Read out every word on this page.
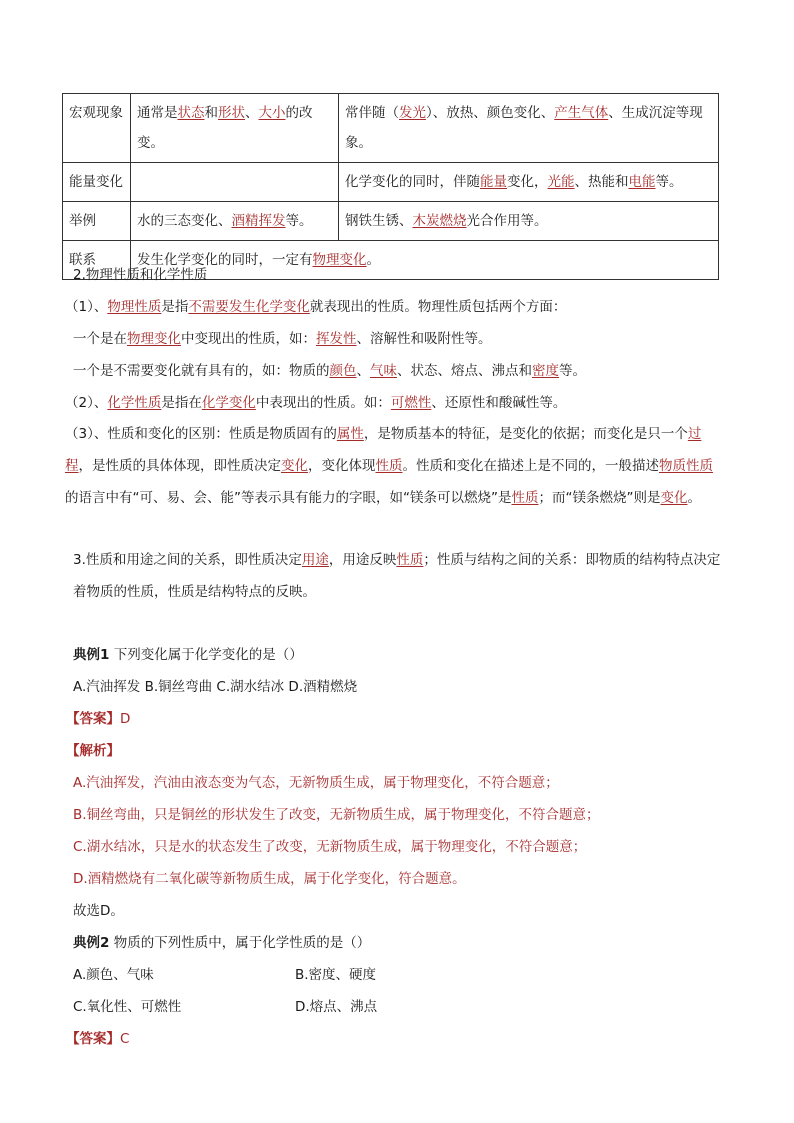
宏观现象	通常是状态和形状、大小的改变。	常伴随（发光）、放热、颜色变化、产生气体、生成沉淀等现象。
能量变化		化学变化的同时，伴随能量变化，光能、热能和电能等。
举例	水的三态变化、酒精挥发等。	钢铁生锈、木炭燃烧光合作用等。
联系	发生化学变化的同时，一定有物理变化。	
2.物理性质和化学性质
（1）、物理性质是指不需要发生化学变化就表现出的性质。物理性质包括两个方面：
一个是在物理变化中变现出的性质，如：挥发性、溶解性和吸附性等。
一个是不需要变化就有具有的，如：物质的颜色、气味、状态、熔点、沸点和密度等。
（2）、化学性质是指在化学变化中表现出的性质。如：可燃性、还原性和酸碱性等。
（3）、性质和变化的区别：性质是物质固有的属性，是物质基本的特征，是变化的依据；而变化是只一个过程，是性质的具体体现，即性质决定变化，变化体现性质。性质和变化在描述上是不同的，一般描述物质性质的语言中有“可、易、会、能”等表示具有能力的字眼，如“镁条可以燃烧”是性质；而“镁条燃烧”则是变化。
3.性质和用途之间的关系，即性质决定用途，用途反映性质；性质与结构之间的关系：即物质的结构特点决定着物质的性质，性质是结构特点的反映。
典例1 下列变化属于化学变化的是（）
A.汽油挥发 B.铜丝弯曲 C.湖水结冰 D.酒精燃烧
【答案】D
【解析】
A.汽油挥发，汽油由液态变为气态，无新物质生成，属于物理变化，不符合题意；
B.铜丝弯曲，只是铜丝的形状发生了改变，无新物质生成，属于物理变化，不符合题意；
C.湖水结冰，只是水的状态发生了改变，无新物质生成，属于物理变化，不符合题意；
D.酒精燃烧有二氧化碳等新物质生成，属于化学变化，符合题意。
故选D。
典例2 物质的下列性质中，属于化学性质的是（）
A.颜色、气味	B.密度、硬度
C.氧化性、可燃性	D.熔点、沸点
【答案】C
